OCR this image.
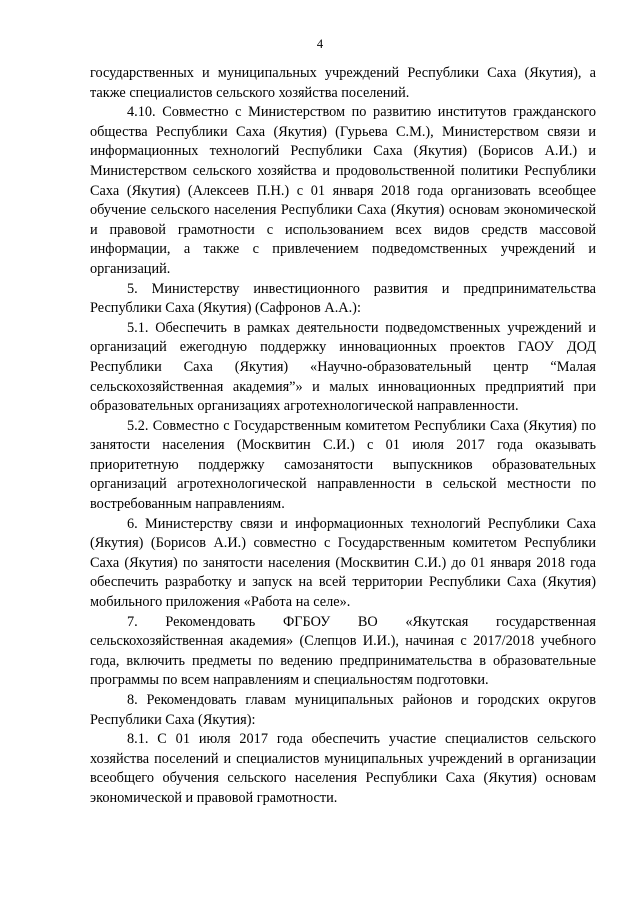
4

государственных и муниципальных учреждений Республики Саха (Якутия), а также специалистов сельского хозяйства поселений.

4.10. Совместно с Министерством по развитию институтов гражданского общества Республики Саха (Якутия) (Гурьева С.М.), Министерством связи и информационных технологий Республики Саха (Якутия) (Борисов А.И.) и Министерством сельского хозяйства и продовольственной политики Республики Саха (Якутия) (Алексеев П.Н.) с 01 января 2018 года организовать всеобщее обучение сельского населения Республики Саха (Якутия) основам экономической и правовой грамотности с использованием всех видов средств массовой информации, а также с привлечением подведомственных учреждений и организаций.

5. Министерству инвестиционного развития и предпринимательства Республики Саха (Якутия) (Сафронов А.А.):

5.1. Обеспечить в рамках деятельности подведомственных учреждений и организаций ежегодную поддержку инновационных проектов ГАОУ ДОД Республики Саха (Якутия) «Научно-образовательный центр “Малая сельскохозяйственная академия”» и малых инновационных предприятий при образовательных организациях агротехнологической направленности.

5.2. Совместно с Государственным комитетом Республики Саха (Якутия) по занятости населения (Москвитин С.И.) с 01 июля 2017 года оказывать приоритетную поддержку самозанятости выпускников образовательных организаций агротехнологической направленности в сельской местности по востребованным направлениям.

6. Министерству связи и информационных технологий Республики Саха (Якутия) (Борисов А.И.) совместно с Государственным комитетом Республики Саха (Якутия) по занятости населения (Москвитин С.И.) до 01 января 2018 года обеспечить разработку и запуск на всей территории Республики Саха (Якутия) мобильного приложения «Работа на селе».

7. Рекомендовать ФГБОУ ВО «Якутская государственная сельскохозяйственная академия» (Слепцов И.И.), начиная с 2017/2018 учебного года, включить предметы по ведению предпринимательства в образовательные программы по всем направлениям и специальностям подготовки.

8. Рекомендовать главам муниципальных районов и городских округов Республики Саха (Якутия):

8.1. С 01 июля 2017 года обеспечить участие специалистов сельского хозяйства поселений и специалистов муниципальных учреждений в организации всеобщего обучения сельского населения Республики Саха (Якутия) основам экономической и правовой грамотности.
